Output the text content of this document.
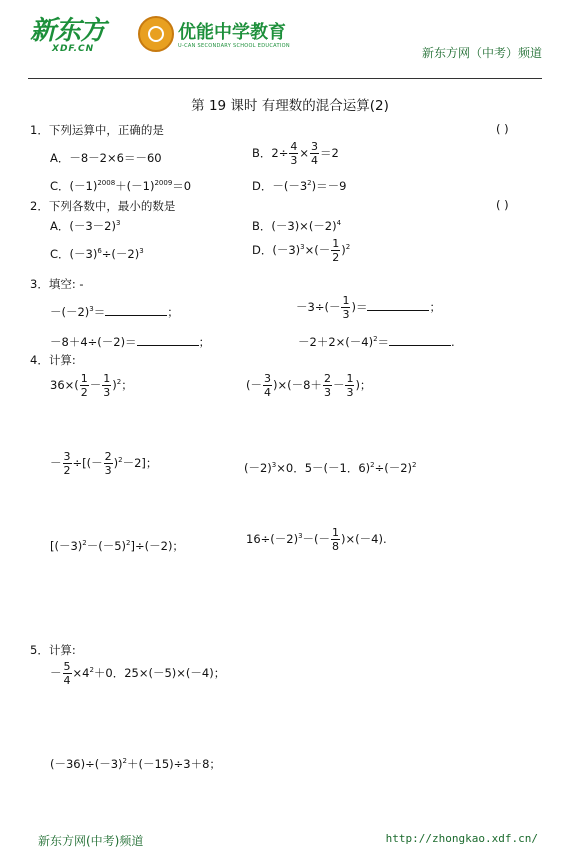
新东方
XDF.CN
优能中学教育
U-CAN SECONDARY SCHOOL EDUCATION	新东方网（中考）频道
第 19 课时 有理数的混合运算(2)
1．下列运算中，正确的是	( )
A．－8－2×6＝－60	B．$2\div \frac{4}{3} \times \frac{3}{4} =2$
C．$(-1)^{2008}+(-1)^{2009}=0$	D．$-(-3^2)=-9$
2．下列各数中，最小的数是	( )
A．$(-3-2)^3$	B．$(-3)\times(-2)^4$
C．$(-3)^6\div(-2)^3$	D．$(-3)^3\times(- \frac{1}{2} )^2$
3．填空: -
$-(-2)^3=$	；	$-3\div(- \frac{1}{3}$ )＝	；
－8＋4÷(－2)＝	；	$-2+2\times(-4)^2=$	.
4．计算:
$36\times( \frac{1}{2} - \frac{1}{3} )^2$；	(－ $\frac{3}{4} )\times(-8+ \frac{2}{3} - \frac{1}{3}$ )；
－ $\frac{3}{2}$ ÷[(－ $\frac{2}{3} )^2-2$]；	$(-2)^3\times 0$．5－(－1．$6)^2\div(-2)^2$
$[(-3)^2-(-5)^2]\div(-2)$；	$16\div(-2)^3-(- \frac{1}{8} )\times(-4)$.
5．计算:
－ $\frac{5}{4} \times 4^2+0$．25×(－5)×(－4)；
$(-36)\div(-3)^2+(-15)\div 3+8$；
新东方网(中考)频道	http://zhongkao.xdf.cn/
